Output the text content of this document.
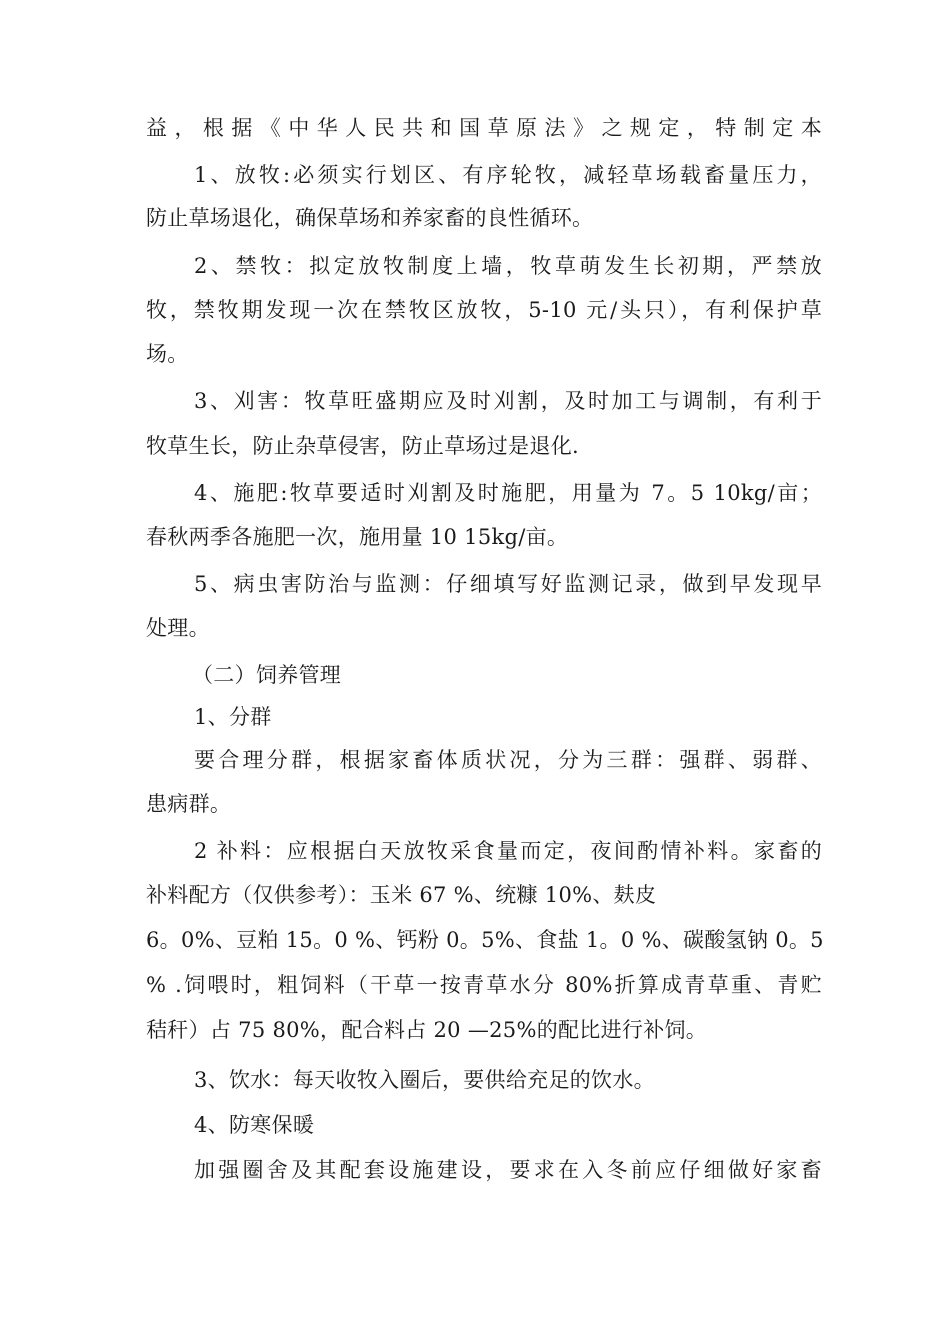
益，根据《中华人民共和国草原法》之规定，特制定本
1、放牧:必须实行划区、有序轮牧，减轻草场载畜量压力，
防止草场退化，确保草场和养家畜的良性循环。
2、禁牧：拟定放牧制度上墙，牧草萌发生长初期，严禁放
牧，禁牧期发现一次在禁牧区放牧，5-10 元/头只），有利保护草
场。
3、刈害：牧草旺盛期应及时刈割，及时加工与调制，有利于
牧草生长，防止杂草侵害，防止草场过是退化.
4、施肥:牧草要适时刈割及时施肥，用量为 7。5 10kg/亩；
春秋两季各施肥一次，施用量 10 15kg/亩。
5、病虫害防治与监测：仔细填写好监测记录，做到早发现早
处理。
（二）饲养管理
1、分群
要合理分群，根据家畜体质状况，分为三群：强群、弱群、
患病群。
2 补料：应根据白天放牧采食量而定，夜间酌情补料。家畜的
补料配方（仅供参考）：玉米 67 %、统糠 10%、麸皮
6。0%、豆粕 15。0 %、钙粉 0。5%、食盐 1。0 %、碳酸氢钠 0。5
% .饲喂时，粗饲料（干草一按青草水分 80%折算成青草重、青贮
秸秆）占 75 80%，配合料占 20 —25%的配比进行补饲。
3、饮水：每天收牧入圈后，要供给充足的饮水。
4、防寒保暖
加强圈舍及其配套设施建设，要求在入冬前应仔细做好家畜
